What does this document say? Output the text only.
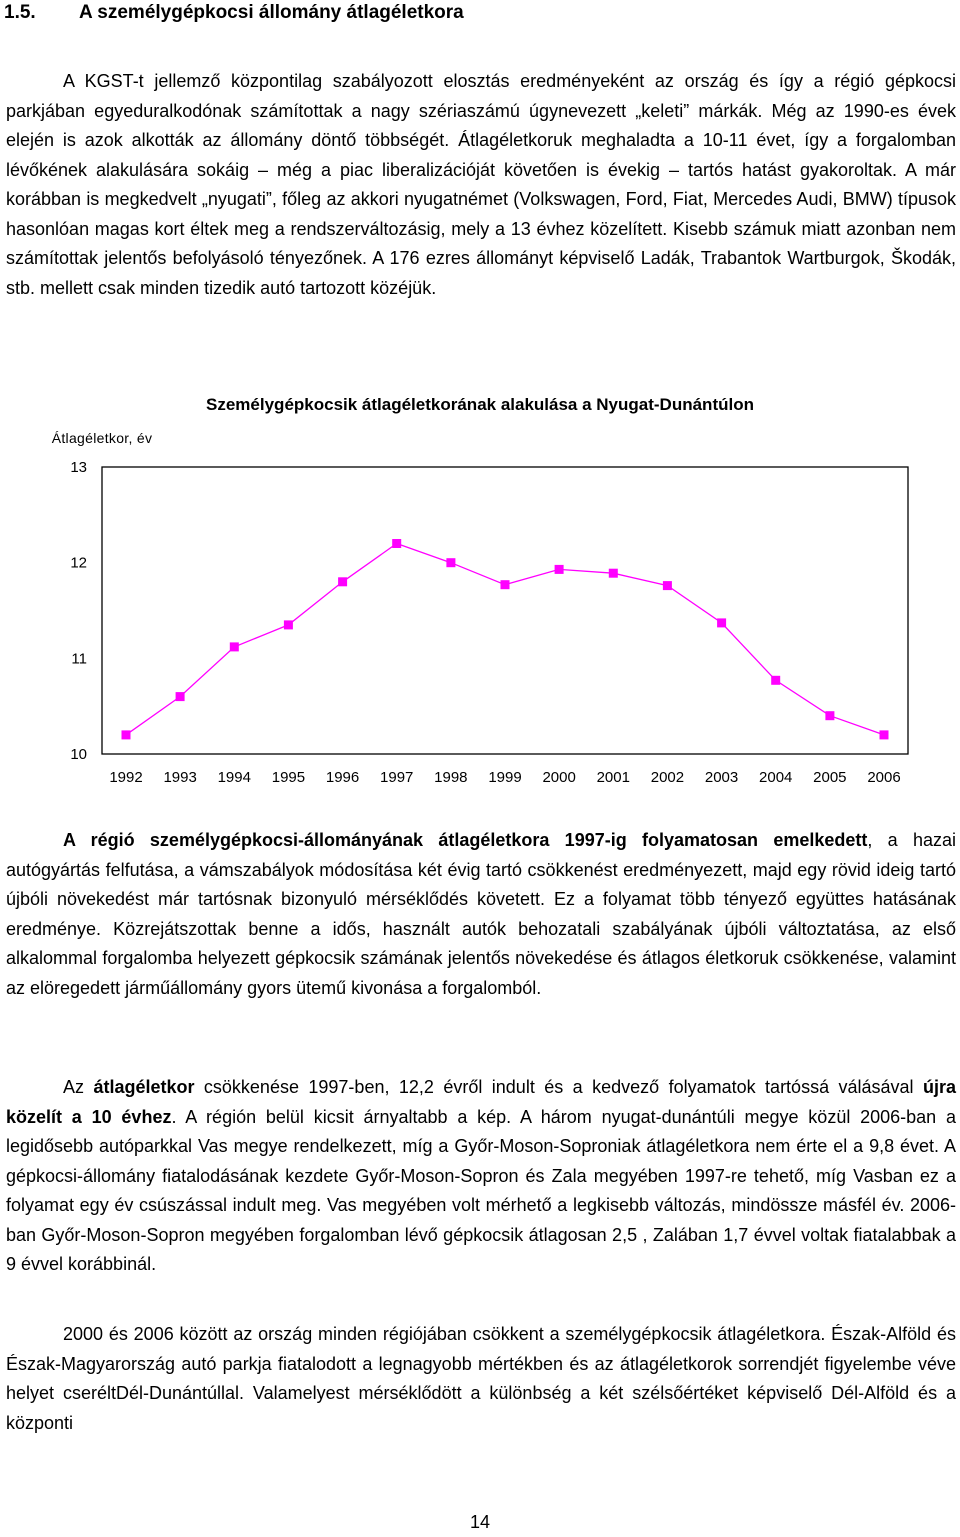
1.5. A személygépkocsi állomány átlagéletkora

A KGST-t jellemző központilag szabályozott elosztás eredményeként az ország és így a régió gépkocsi parkjában egyeduralkodónak számítottak a nagy szériaszámú úgynevezett „keleti” márkák. Még az 1990-es évek elején is azok alkották az állomány döntő többségét. Átlagéletkoruk meghaladta a 10-11 évet, így a forgalomban lévőkének alakulására sokáig – még a piac liberalizációját követően is évekig – tartós hatást gyakoroltak. A már korábban is megkedvelt „nyugati”, főleg az akkori nyugatnémet (Volkswagen, Ford, Fiat, Mercedes Audi, BMW) típusok hasonlóan magas kort éltek meg a rendszerváltozásig, mely a 13 évhez közelített. Kisebb számuk miatt azonban nem számítottak jelentős befolyásoló tényezőnek. A 176 ezres állományt képviselő Ladák, Trabantok Wartburgok, Škodák, stb. mellett csak minden tizedik autó tartozott közéjük.

Személygépkocsik átlagéletkorának alakulása a Nyugat-Dunántúlon
Átlagéletkor, év
13
12
11
10
1992 1993 1994 1995 1996 1997 1998 1999 2000 2001 2002 2003 2004 2005 2006

A régió személygépkocsi-állományának átlagéletkora 1997-ig folyamatosan emelkedett, a hazai autógyártás felfutása, a vámszabályok módosítása két évig tartó csökkenést eredményezett, majd egy rövid ideig tartó újbóli növekedést már tartósnak bizonyuló mérséklődés követett. Ez a folyamat több tényező együttes hatásának eredménye. Közrejátszottak benne a idős, használt autók behozatali szabályának újbóli változtatása, az első alkalommal forgalomba helyezett gépkocsik számának jelentős növekedése és átlagos életkoruk csökkenése, valamint az elöregedett járműállomány gyors ütemű kivonása a forgalomból.

Az átlagéletkor csökkenése 1997-ben, 12,2 évről indult és a kedvező folyamatok tartóssá válásával újra közelít a 10 évhez. A régión belül kicsit árnyaltabb a kép. A három nyugat-dunántúli megye közül 2006-ban a legidősebb autóparkkal Vas megye rendelkezett, míg a Győr-Moson-Soproniak átlagéletkora nem érte el a 9,8 évet. A gépkocsi-állomány fiatalodásának kezdete Győr-Moson-Sopron és Zala megyében 1997-re tehető, míg Vasban ez a folyamat egy év csúszással indult meg. Vas megyében volt mérhető a legkisebb változás, mindössze másfél év. 2006-ban Győr-Moson-Sopron megyében forgalomban lévő gépkocsik átlagosan 2,5 , Zalában 1,7 évvel voltak fiatalabbak a 9 évvel korábbinál.

2000 és 2006 között az ország minden régiójában csökkent a személygépkocsik átlagéletkora. Észak-Alföld és Észak-Magyarország autó parkja fiatalodott a legnagyobb mértékben és az átlagéletkorok sorrendjét figyelembe véve helyet cseréltDél-Dunántúllal. Valamelyest mérséklődött a különbség a két szélsőértéket képviselő Dél-Alföld és a központi

14
